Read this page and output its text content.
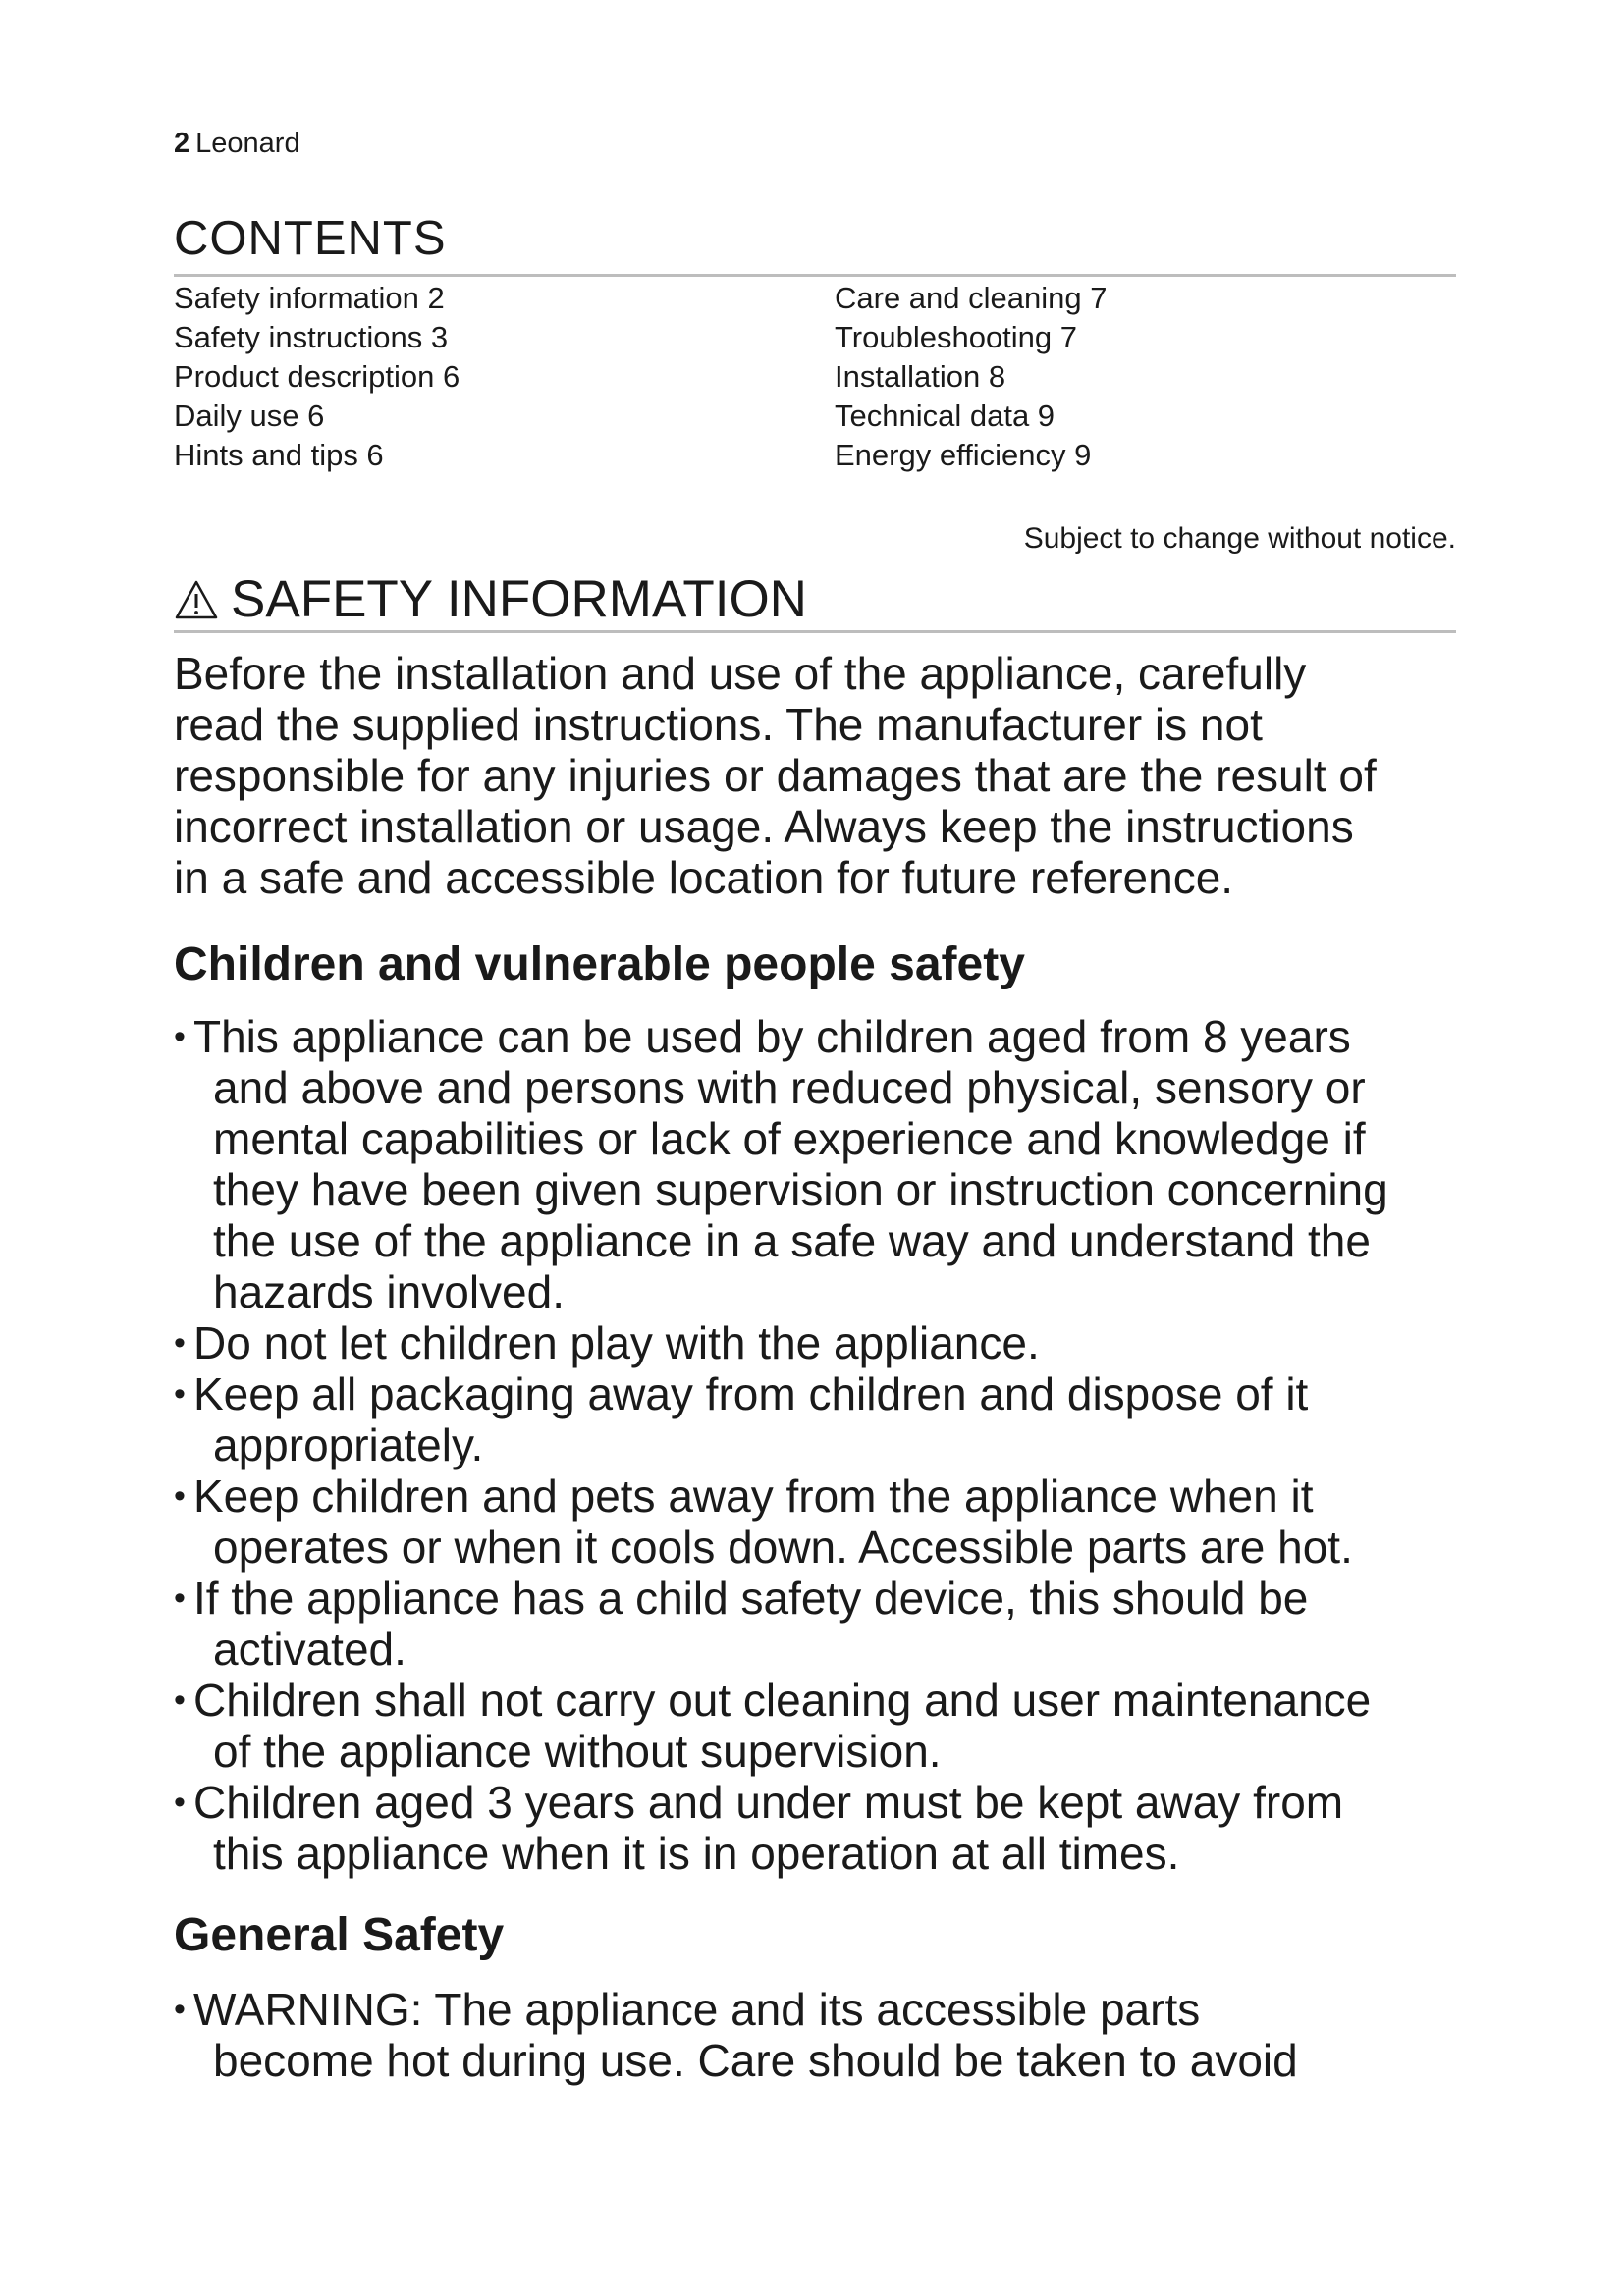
2 Leonard
CONTENTS
Safety information 2
Safety instructions 3
Product description 6
Daily use 6
Hints and tips 6
Care and cleaning 7
Troubleshooting 7
Installation 8
Technical data 9
Energy efficiency 9
Subject to change without notice.
SAFETY INFORMATION
Before the installation and use of the appliance, carefully
read the supplied instructions. The manufacturer is not
responsible for any injuries or damages that are the result of
incorrect installation or usage. Always keep the instructions
in a safe and accessible location for future reference.
Children and vulnerable people safety
• This appliance can be used by children aged from 8 years
and above and persons with reduced physical, sensory or
mental capabilities or lack of experience and knowledge if
they have been given supervision or instruction concerning
the use of the appliance in a safe way and understand the
hazards involved.
• Do not let children play with the appliance.
• Keep all packaging away from children and dispose of it
appropriately.
• Keep children and pets away from the appliance when it
operates or when it cools down. Accessible parts are hot.
• If the appliance has a child safety device, this should be
activated.
• Children shall not carry out cleaning and user maintenance
of the appliance without supervision.
• Children aged 3 years and under must be kept away from
this appliance when it is in operation at all times.
General Safety
• WARNING: The appliance and its accessible parts
become hot during use. Care should be taken to avoid
